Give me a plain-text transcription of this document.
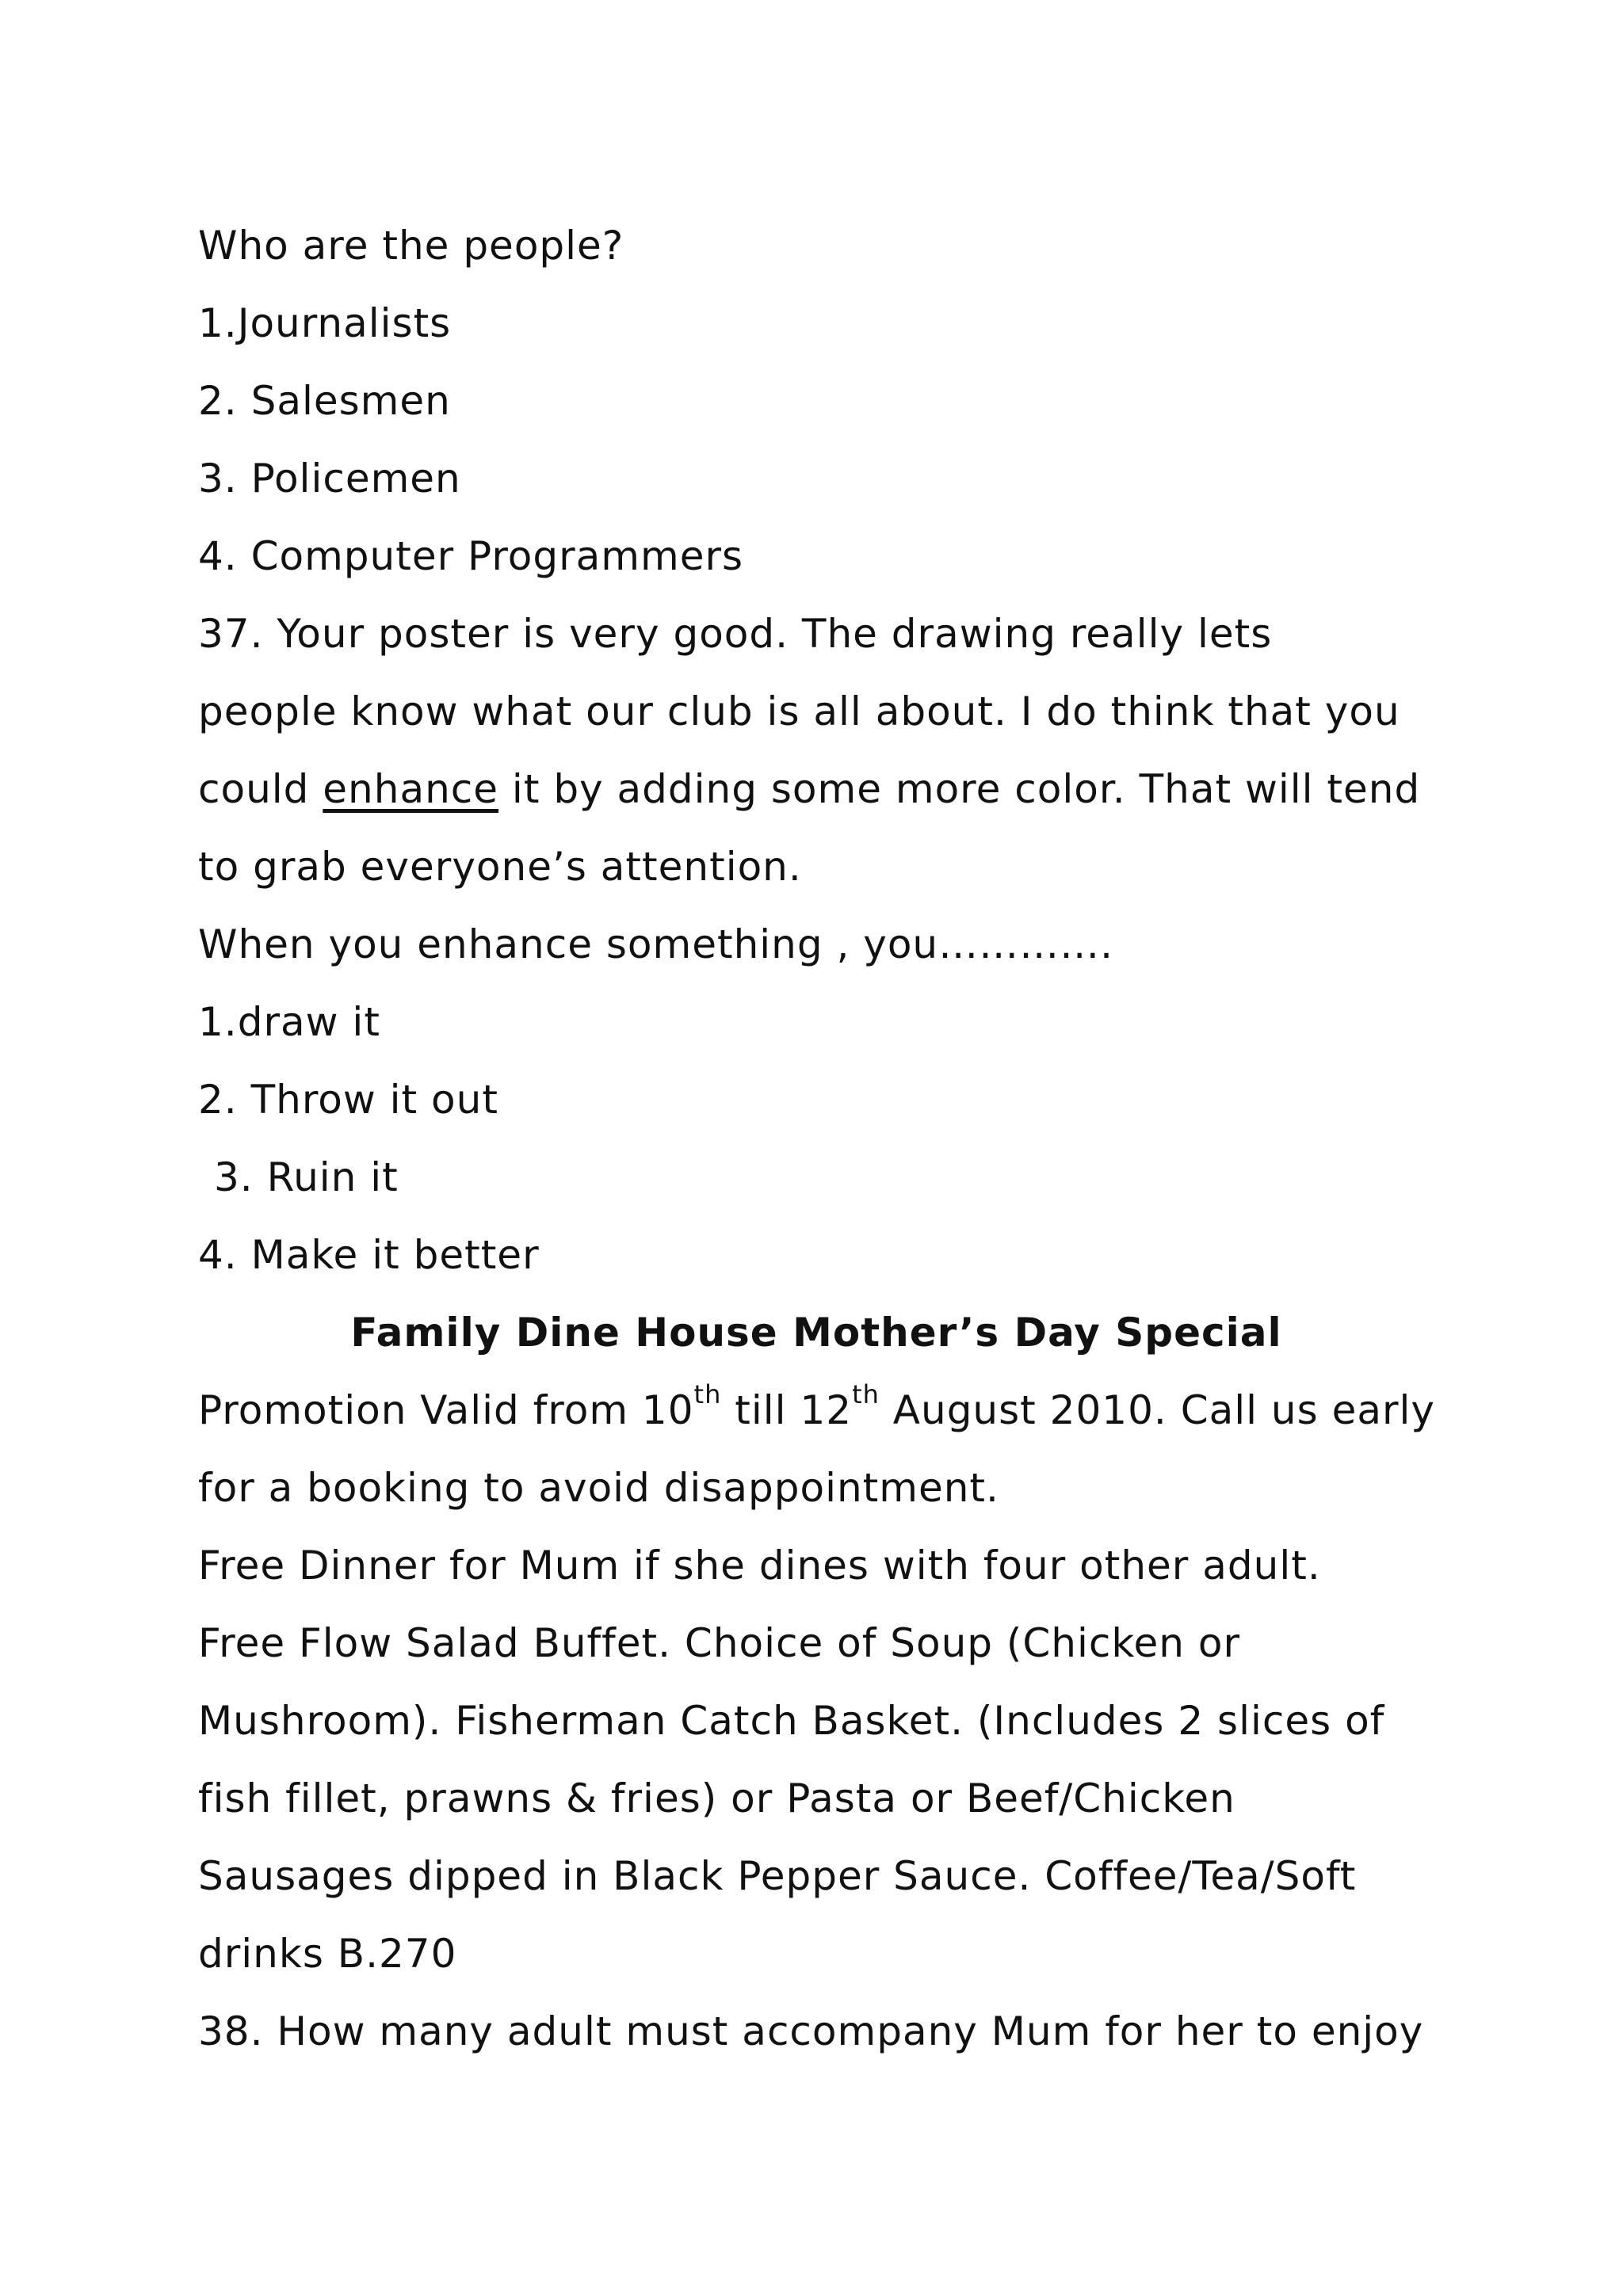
Who are the people?
1.Journalists
2. Salesmen
3. Policemen
4. Computer Programmers
37. Your poster is very good. The drawing really lets
people know what our club is all about. I do think that you
could enhance it by adding some more color. That will tend
to grab everyone’s attention.
When you enhance something , you………….
1.draw it
2. Throw it out
3. Ruin it
4. Make it better
Family Dine House Mother’s Day Special
Promotion Valid from 10th till 12th August 2010. Call us early
for a booking to avoid disappointment.
Free Dinner for Mum if she dines with four other adult.
Free Flow Salad Buffet. Choice of Soup (Chicken or
Mushroom). Fisherman Catch Basket. (Includes 2 slices of
fish fillet, prawns & fries) or Pasta or Beef/Chicken
Sausages dipped in Black Pepper Sauce. Coffee/Tea/Soft
drinks B.270
38. How many adult must accompany Mum for her to enjoy
